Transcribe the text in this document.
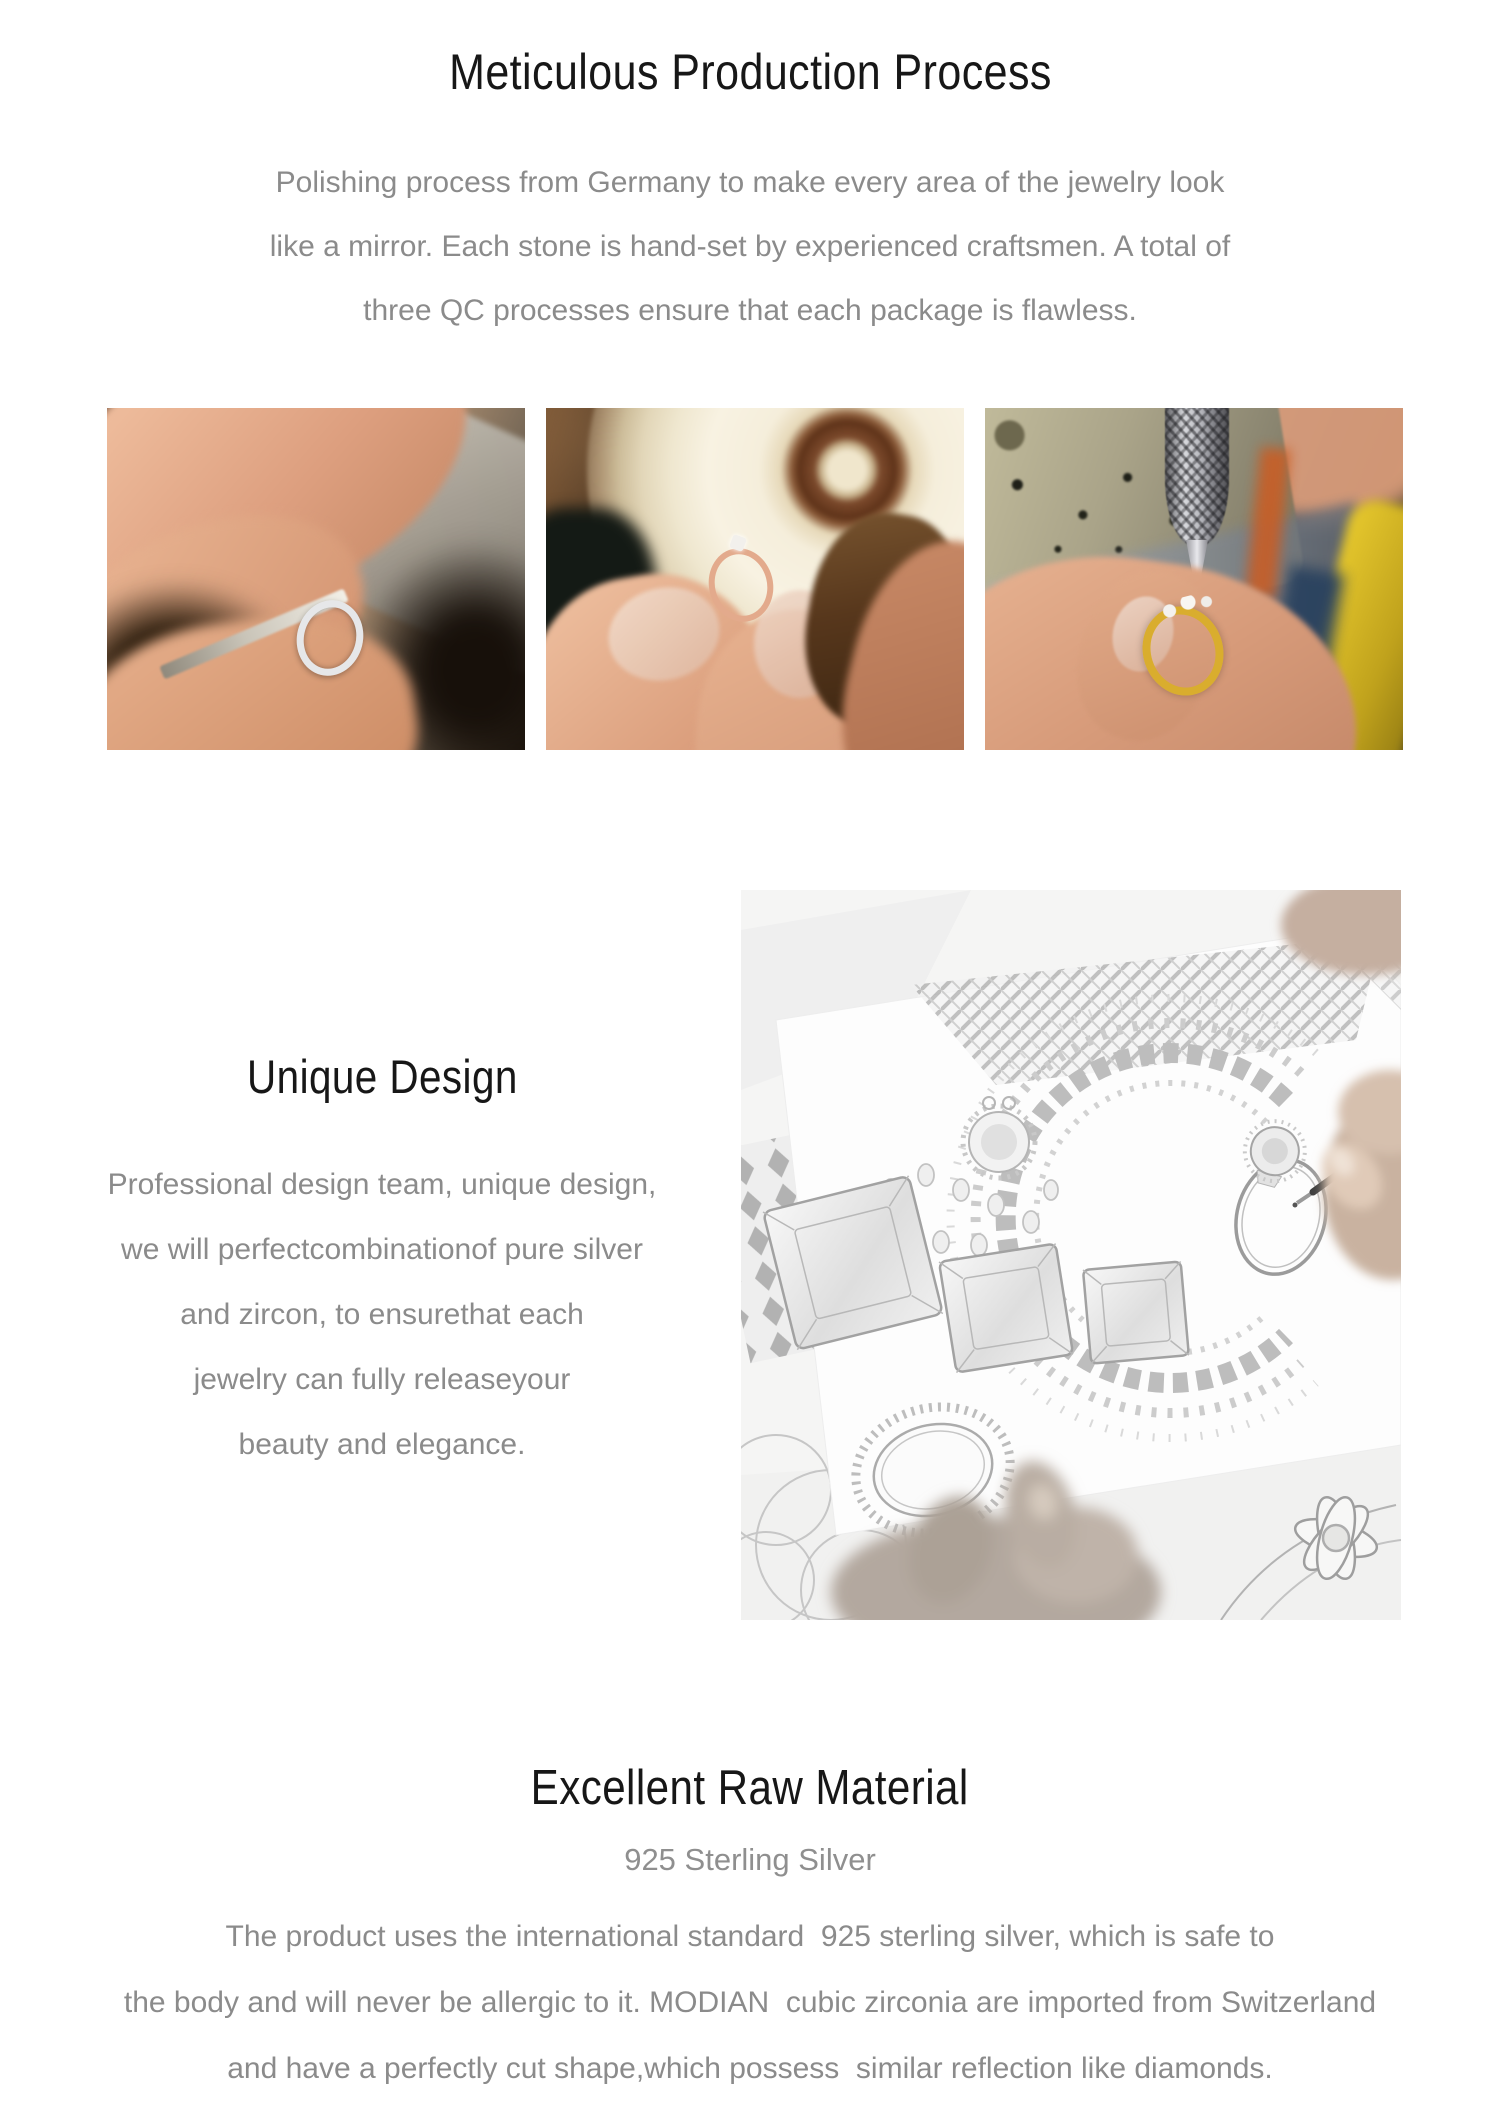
Meticulous Production Process
Polishing process from Germany to make every area of the jewelry look
like a mirror. Each stone is hand-set by experienced craftsmen. A total of
three QC processes ensure that each package is flawless.
Unique Design
Professional design team, unique design,
we will perfectcombinationof pure silver
and zircon, to ensurethat each
jewelry can fully releaseyour
beauty and elegance.
Excellent Raw Material
925 Sterling Silver
The product uses the international standard  925 sterling silver, which is safe to
the body and will never be allergic to it. MODIAN  cubic zirconia are imported from Switzerland
and have a perfectly cut shape,which possess  similar reflection like diamonds.
